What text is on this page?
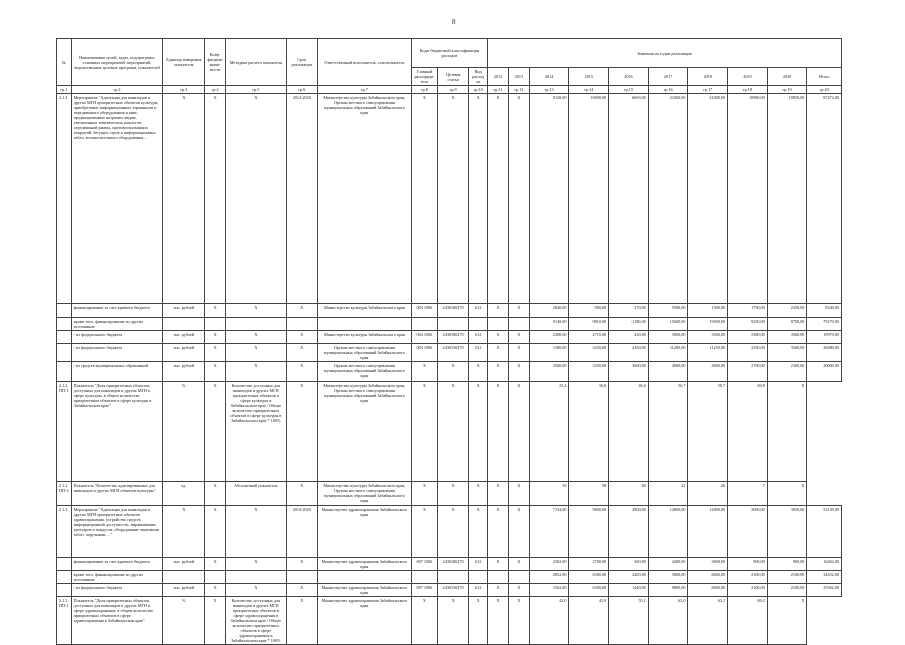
8
№	Наименование целей, задач, подпрограмм, основных мероприятий, мероприятий, ведомственных целевых программ, показателей	Единица измерения показателя	Коэф-фициент значи-мости	Методика расчета показателя	Срок реализации	Ответственный исполнитель, соисполнитель	Коды бюджетной классификации расходов			Значения по годам реализации									
							Главный распоряди-тель	Целевая статья	Вид расходов	2012	2013	2014	2015	2016	2017	2018	2019	2020	Итого
гр.1	гр.2	гр.3	гр.4	гр.5	гр.6	гр.7	гр.8	гр.9	гр.10	гр.11	гр.12	гр.13	гр.14	гр.15	гр.16	гр.17	гр.18	гр.19	гр.20
2.1.2	Мероприятие "Адаптация для инвалидов и других МГН приоритетных объектов культуры, приобретение информационных терминалов и передвижного оборудования и книг, предназначенных незрячим людям, увеличенных тематических каталогов, передвижной рампы, противоскользящих покрытий, бегущих строк и информационных табло, вспомогательного оборудования ...	X	X	X	2014-2020	Министерство культуры Забайкальского края, Органы местного самоуправления муниципальных образований Забайкальского края	X	X	X	X	X	9120,00	10000,00	6663,00	21060,00	21000,00	10980,00	10850,00	87472,00
	финансирование за счет краевого бюджета	тыс. рублей	X	X	X	Министерство культуры Забайкальского края	004 1006	2430180270	612	X	X	2840,00	900,00	270,00	5580,00	1500,00	1750,00	2350,00	8340,00
	кроме того, финансирование из других источников:											9140,00	9810,00	-1180,00	15600,00	19500,00	9250,00	8700,00	79170,00
	- из федерального бюджета	тыс. рублей	X	X	X	Министерство культуры Забайкальского края	004 1006	2430180270	612	X	X	2380,00	2710,00	430,00	3900,00	3500,00	5380,00	3560,00	19970,00
	- из федерального бюджета	тыс. рублей	X	X	X	Органы местного самоуправления муниципальных образований Забайкальского края	004 1006	2430150270	521	X	X	1580,00	3250,00	2450,00	11200,00	11250,00	3350,00	3560,00	36480,00
	- из средств муниципальных образований	тыс. рублей	X	X	X	Органы местного самоуправления муниципальных образований Забайкальского края	X	X	X	X	X	2500,00	3250,00	3600,00	4000,00	4000,00	2700,00	2300,00	20000,00
2.1.2.
ПП-1	Показатель "Доля приоритетных объектов, доступных для инвалидов и других МГН в сфере культуры, в общем количестве приоритетных объектов в сфере культуры в Забайкальском крае"	%	X	Количество доступных для инвалидов и других МГН приоритетных объектов в сфере культуры в Забайкальском крае / Общее количество приоритетных объектов в сфере культуры в Забайкальском крае * 100%	X	Министерство культуры Забайкальского края, Органы местного самоуправления муниципальных образований Забайкальского края	X	X	X	X	X	23,4	36,8	46,6	56,7	58,7	69,8	X	
2.1.2.
ПП-2	Показатель "Количество адаптированных для инвалидов и других МГН объектов культуры"	ед.	X	Абсолютный показатель	X	Министерство культуры Забайкальского края, Органы местного самоуправления муниципальных образований Забайкальского края	X	X	X	X	X	39	58	84	22	26	7	X	
2.1.3	Мероприятие "Адаптация для инвалидов и других МГН приоритетных объектов здравоохранения, устройство средств информационной доступности, выравнивание тротуаров и пандусов, оборудование звуковыми табло, поручнями, ..."	X	X	X	2014-2020	Министерство здравоохранения Забайкальского края	X	X	X	X	X	7134,00	9600,00	2800,00	14800,00	12000,00	3000,00	3050,00	53139,00
	финансирование за счет краевого бюджета	тыс. рублей	X	X	X	Министерство здравоохранения Забайкальского края	007 1006	2430180270	612	X	X	2302,00	2700,00	360,00	4200,00	3600,00	900,00	900,00	16462,00
	кроме того, финансирование из других источников:											2852,00	6300,00	2400,00	5800,00	8400,00	2100,00	2100,00	34452,00
	- из федерального бюджета	тыс. рублей	X	X	X	Министерство здравоохранения Забайкальского края	007 1006	2430150270	612	X	X	1562,00	6300,00	1440,00	9800,00	8400,00	2100,00	2100,00	35562,00
2.1.3.
ПП-1	Показатель "Доля приоритетных объектов, доступных для инвалидов и других МГН в сфере здравоохранения, в общем количестве приоритетных объектов в сфере здравоохранения в Забайкальском крае"	%	X	Количество доступных для инвалидов и других МГН приоритетных объектов в сфере здравоохранения в Забайкальском крае / Общее количество приоритетных объектов в сфере здравоохранения в Забайкальском крае * 100%	X	Министерство здравоохранения Забайкальского края	X	X	X	X	X	42,0	45,9	55,1	63,0	63,1	69,2	X	
